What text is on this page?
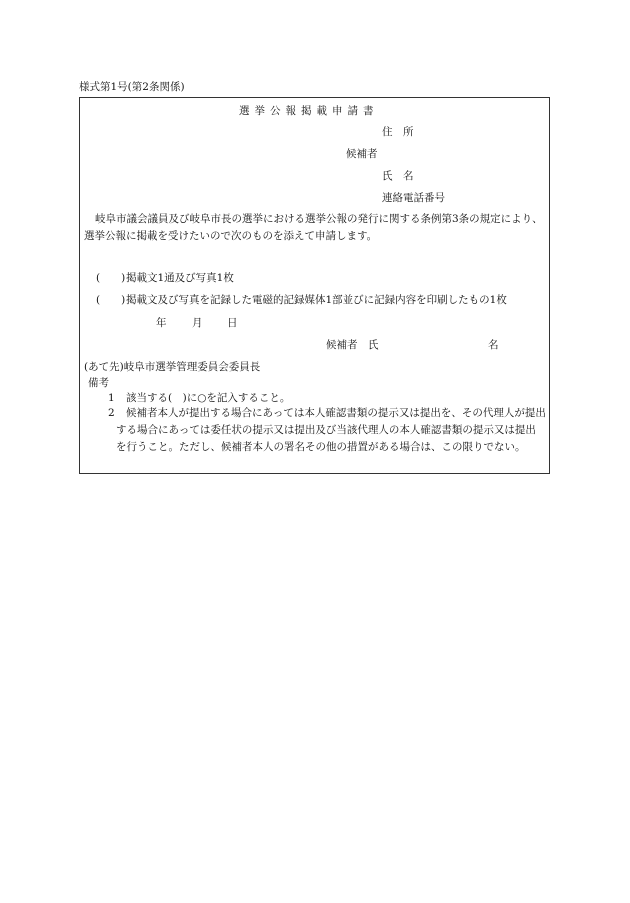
様式第1号(第2条関係)
選挙公報掲載申請書
住　所
候補者
氏　名
連絡電話番号
岐阜市議会議員及び岐阜市長の選挙における選挙公報の発行に関する条例第3条の規定により、選挙公報に掲載を受けたいので次のものを添えて申請します。
(　　) 掲載文1通及び写真1枚
(　　) 掲載文及び写真を記録した電磁的記録媒体1部並びに記録内容を印刷したもの1枚
年 月 日
候補者　氏	名
(あて先)岐阜市選挙管理委員会委員長
備考
1 該当する(　)に○を記入すること。
2	候補者本人が提出する場合にあっては本人確認書類の提示又は提出を、その代理人が提出する場合にあっては委任状の提示又は提出及び当該代理人の本人確認書類の提示又は提出を行うこと。ただし、候補者本人の署名その他の措置がある場合は、この限りでない。
